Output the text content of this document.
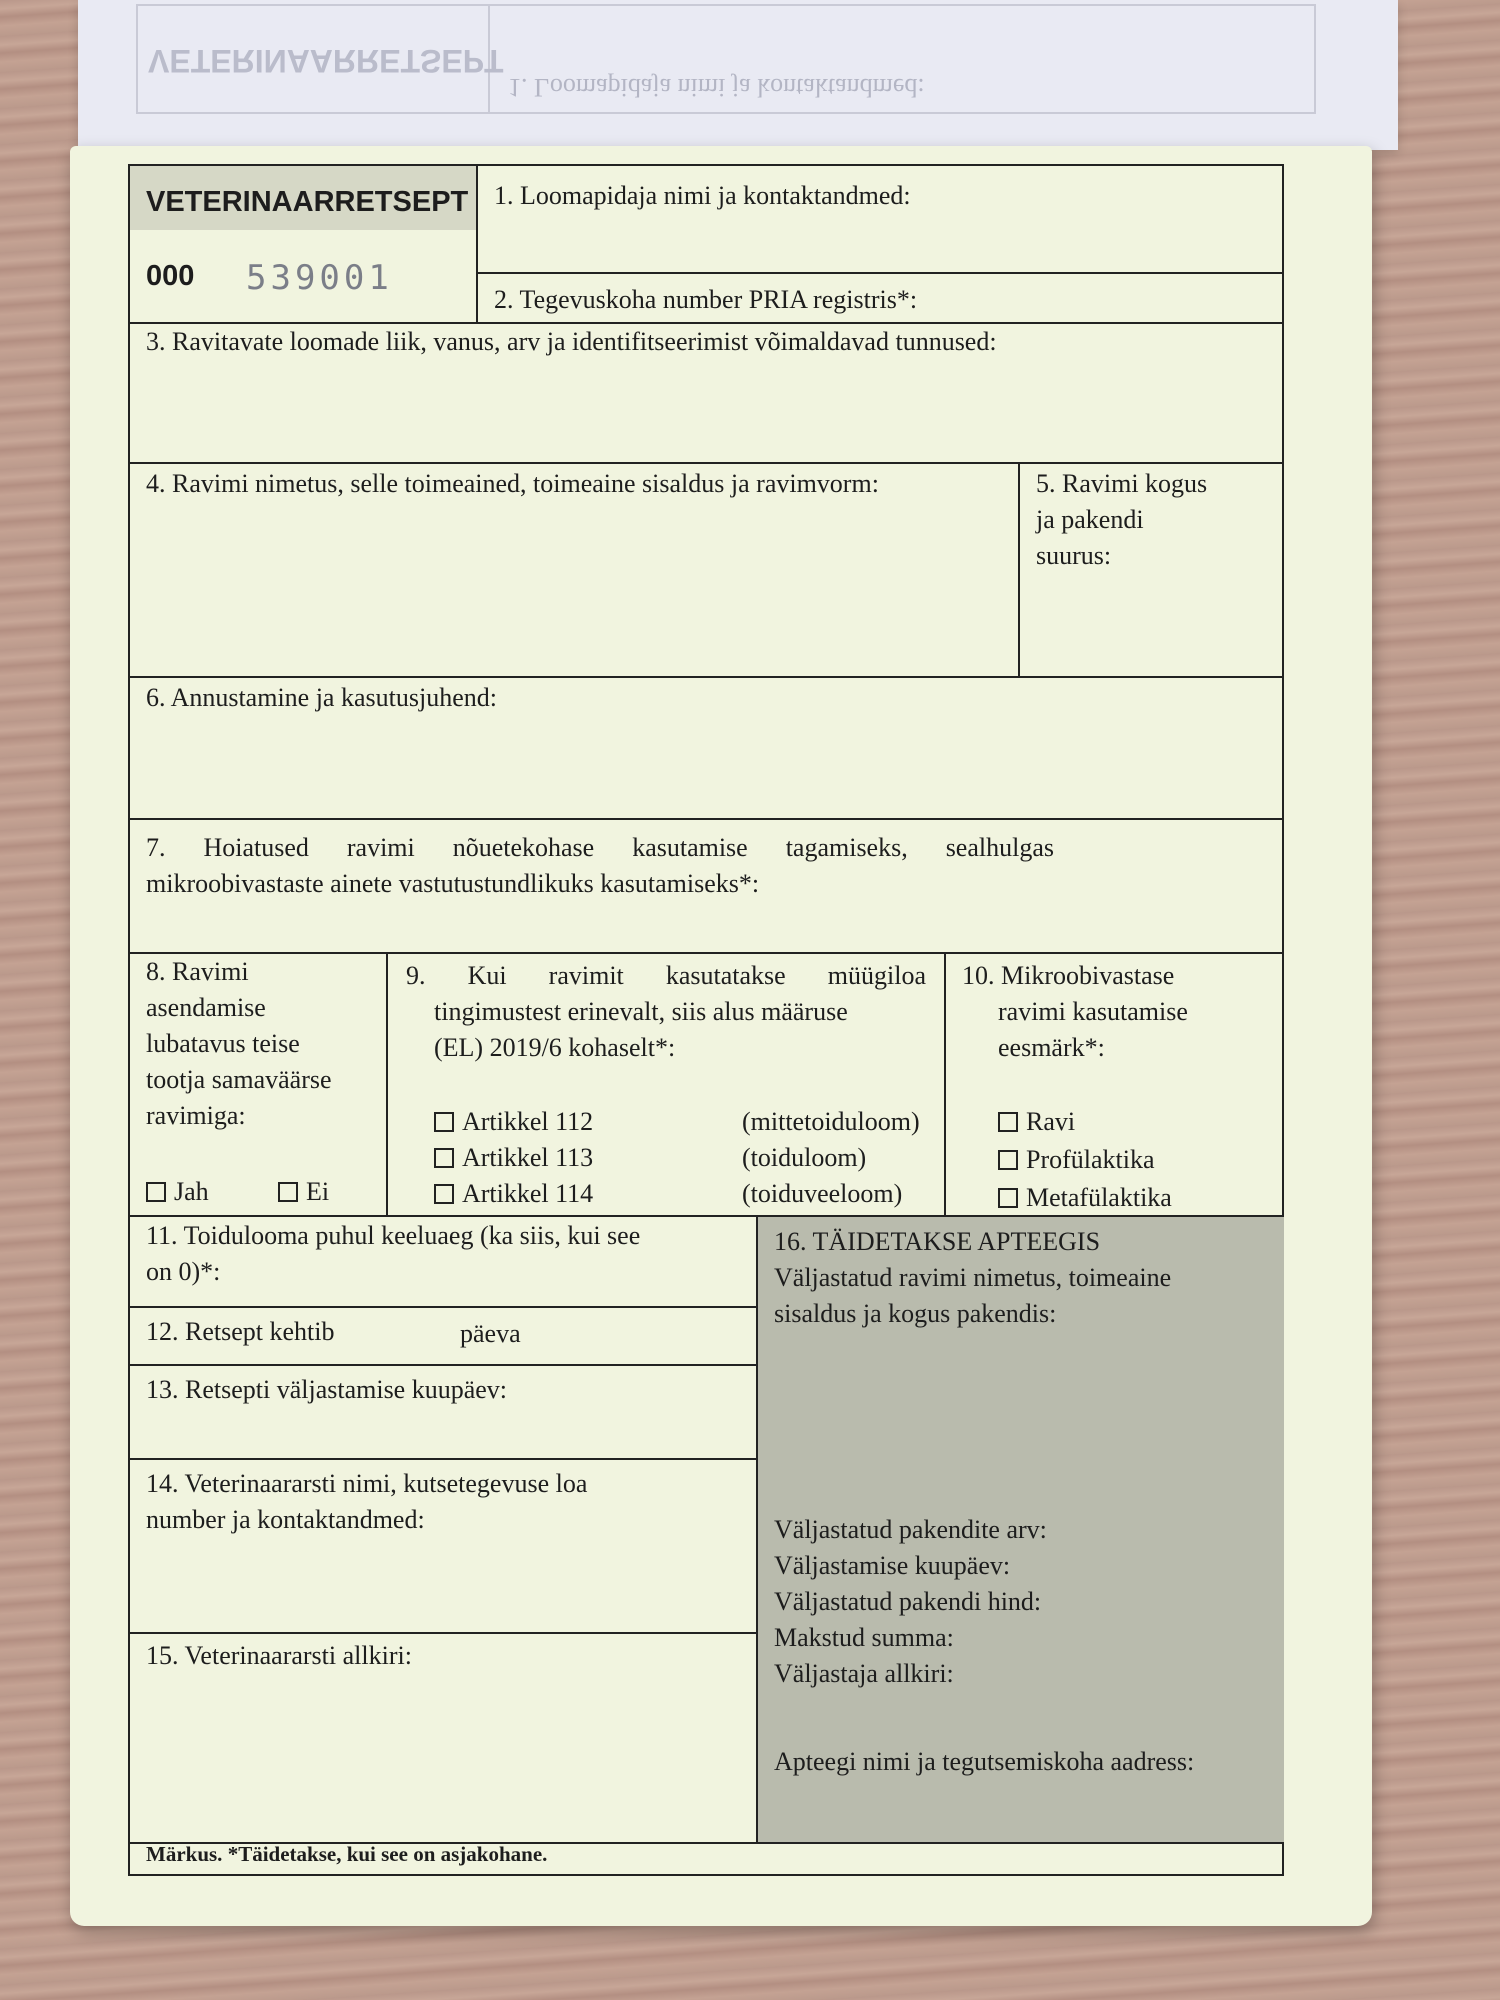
VETERINAARRETSEPT
1. Loomapidaja nimi ja kontaktandmed:
VETERINAARRETSEPT
000 539001
1. Loomapidaja nimi ja kontaktandmed:
2. Tegevuskoha number PRIA registris*:
3. Ravitavate loomade liik, vanus, arv ja identifitseerimist võimaldavad tunnused:
4. Ravimi nimetus, selle toimeained, toimeaine sisaldus ja ravimvorm:	5. Ravimi kogus
ja pakendi
suurus:
6. Annustamine ja kasutusjuhend:
7. Hoiatused ravimi nõuetekohase kasutamise tagamiseks, sealhulgas
mikroobivastaste ainete vastutustundlikuks kasutamiseks*:
8. Ravimi
asendamise
lubatavus teise
tootja samaväärse
ravimiga:
Jah	Ei
9. Kui ravimit kasutatakse müügiloa
tingimustest erinevalt, siis alus määruse
(EL) 2019/6 kohaselt*:
Artikkel 112	(mittetoiduloom)
Artikkel 113	(toiduloom)
Artikkel 114	(toiduveeloom)
10. Mikroobivastase
ravimi kasutamise
eesmärk*:
Ravi
Profülaktika
Metafülaktika
11. Toidulooma puhul keeluaeg (ka siis, kui see
on 0)*:
12. Retsept kehtib	päeva
13. Retsepti väljastamise kuupäev:
14. Veterinaararsti nimi, kutsetegevuse loa
number ja kontaktandmed:
15. Veterinaararsti allkiri:
16. TÄIDETAKSE APTEEGIS
Väljastatud ravimi nimetus, toimeaine
sisaldus ja kogus pakendis:
Väljastatud pakendite arv:
Väljastamise kuupäev:
Väljastatud pakendi hind:
Makstud summa:
Väljastaja allkiri:
Apteegi nimi ja tegutsemiskoha aadress:
Märkus. *Täidetakse, kui see on asjakohane.
